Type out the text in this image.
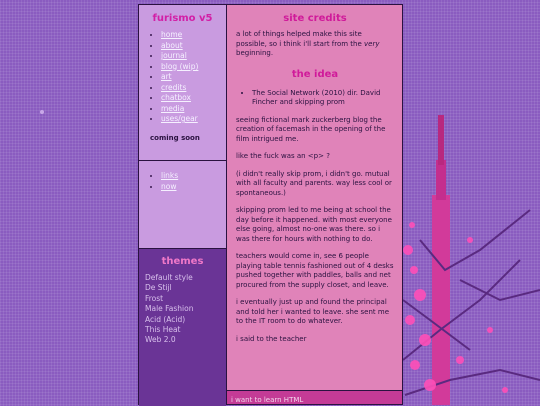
furismo v5
• home
• about
• journal
• blog (wip)
• art
• credits
• chatbox
• media
• uses/gear
coming soon
• links
• now
themes
Default style
De Stijl
Frost
Male Fashion
Acid (Acid)
This Heat
Web 2.0
site credits

a lot of things helped make this site possible, so i think i'll start from the very beginning.

the idea
• The Social Network (2010) dir. David Fincher and skipping prom

seeing fictional mark zuckerberg blog the creation of facemash in the opening of the film intrigued me.

like the fuck was an <p> ?

(i didn't really skip prom, i didn't go. mutual with all faculty and parents. way less cool or spontaneous.)

skipping prom led to me being at school the day before it happened. with most everyone else going, almost no-one was there. so i was there for hours with nothing to do.

teachers would come in, see 6 people playing table tennis fashioned out of 4 desks pushed together with paddles, balls and net procured from the supply closet, and leave.

i eventually just up and found the principal and told her i wanted to leave. she sent me to the IT room to do whatever.

i said to the teacher

i want to learn HTML
